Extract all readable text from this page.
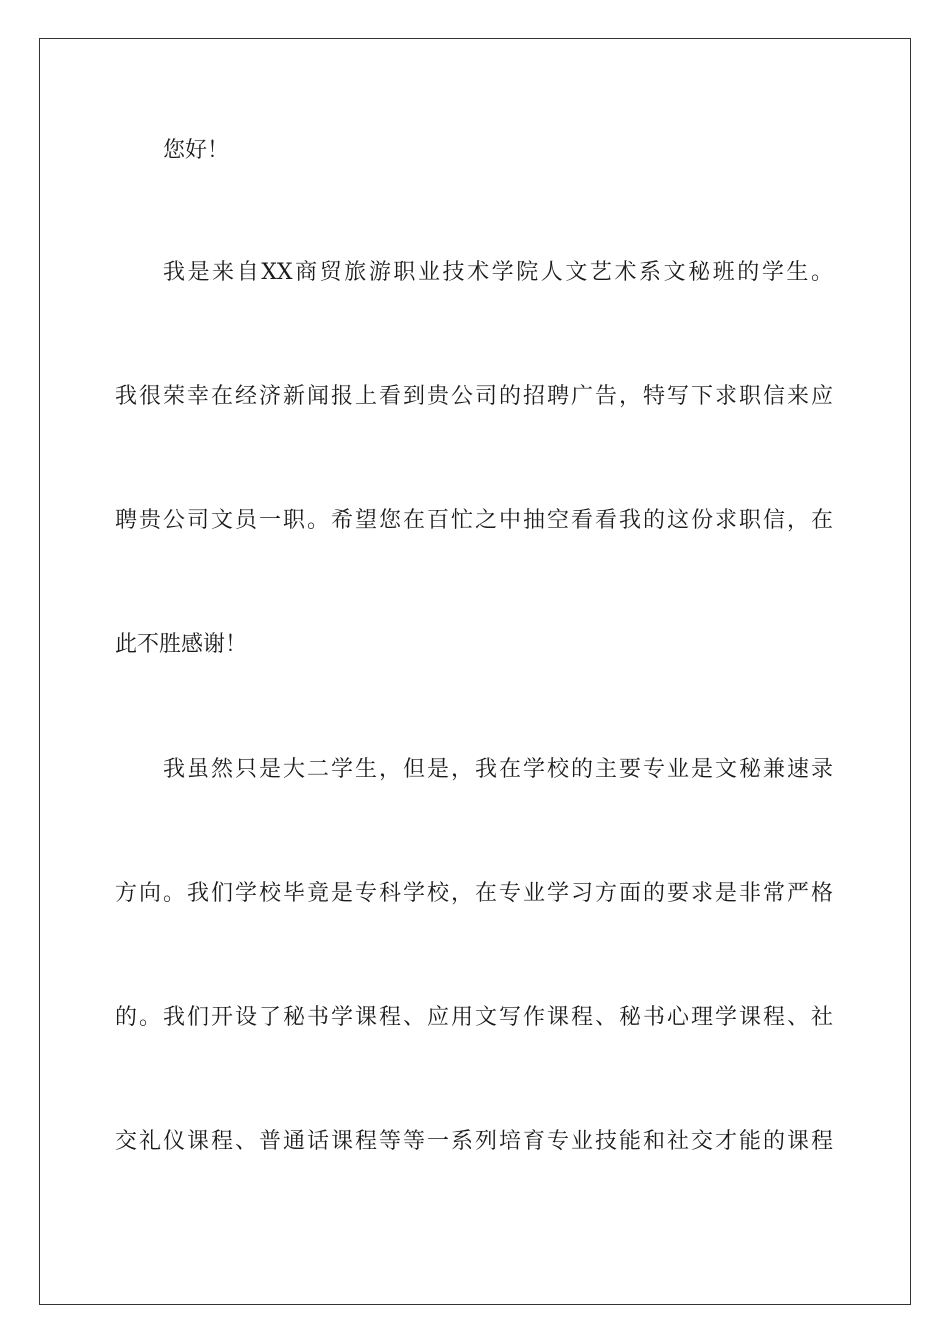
您好！
我是来自XX商贸旅游职业技术学院人文艺术系文秘班的学生。
我很荣幸在经济新闻报上看到贵公司的招聘广告，特写下求职信来应
聘贵公司文员一职。希望您在百忙之中抽空看看我的这份求职信，在
此不胜感谢！
我虽然只是大二学生，但是，我在学校的主要专业是文秘兼速录
方向。我们学校毕竟是专科学校，在专业学习方面的要求是非常严格
的。我们开设了秘书学课程、应用文写作课程、秘书心理学课程、社
交礼仪课程、普通话课程等等一系列培育专业技能和社交才能的课程
